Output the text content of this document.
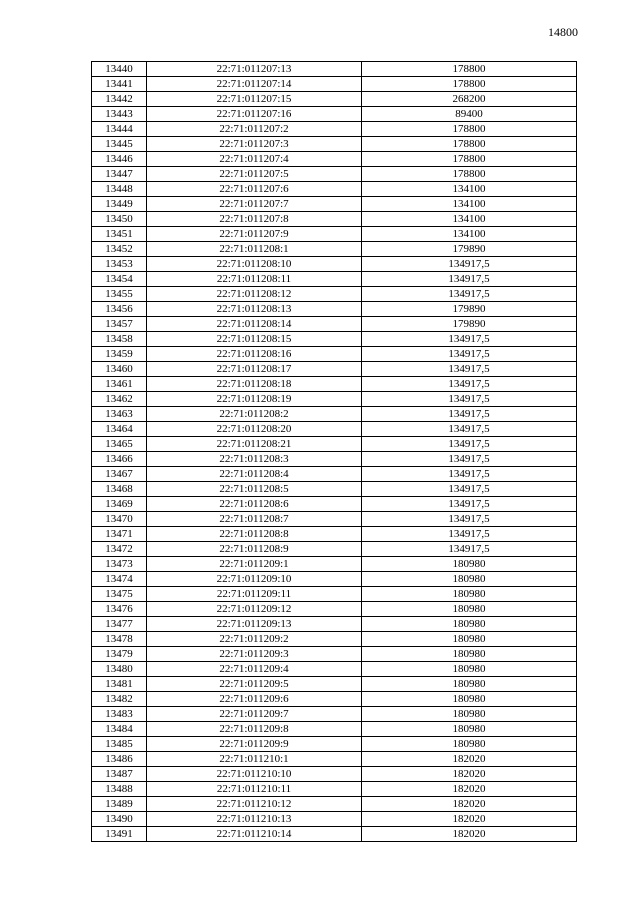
14800
13440	22:71:011207:13	178800
13441	22:71:011207:14	178800
13442	22:71:011207:15	268200
13443	22:71:011207:16	89400
13444	22:71:011207:2	178800
13445	22:71:011207:3	178800
13446	22:71:011207:4	178800
13447	22:71:011207:5	178800
13448	22:71:011207:6	134100
13449	22:71:011207:7	134100
13450	22:71:011207:8	134100
13451	22:71:011207:9	134100
13452	22:71:011208:1	179890
13453	22:71:011208:10	134917,5
13454	22:71:011208:11	134917,5
13455	22:71:011208:12	134917,5
13456	22:71:011208:13	179890
13457	22:71:011208:14	179890
13458	22:71:011208:15	134917,5
13459	22:71:011208:16	134917,5
13460	22:71:011208:17	134917,5
13461	22:71:011208:18	134917,5
13462	22:71:011208:19	134917,5
13463	22:71:011208:2	134917,5
13464	22:71:011208:20	134917,5
13465	22:71:011208:21	134917,5
13466	22:71:011208:3	134917,5
13467	22:71:011208:4	134917,5
13468	22:71:011208:5	134917,5
13469	22:71:011208:6	134917,5
13470	22:71:011208:7	134917,5
13471	22:71:011208:8	134917,5
13472	22:71:011208:9	134917,5
13473	22:71:011209:1	180980
13474	22:71:011209:10	180980
13475	22:71:011209:11	180980
13476	22:71:011209:12	180980
13477	22:71:011209:13	180980
13478	22:71:011209:2	180980
13479	22:71:011209:3	180980
13480	22:71:011209:4	180980
13481	22:71:011209:5	180980
13482	22:71:011209:6	180980
13483	22:71:011209:7	180980
13484	22:71:011209:8	180980
13485	22:71:011209:9	180980
13486	22:71:011210:1	182020
13487	22:71:011210:10	182020
13488	22:71:011210:11	182020
13489	22:71:011210:12	182020
13490	22:71:011210:13	182020
13491	22:71:011210:14	182020
